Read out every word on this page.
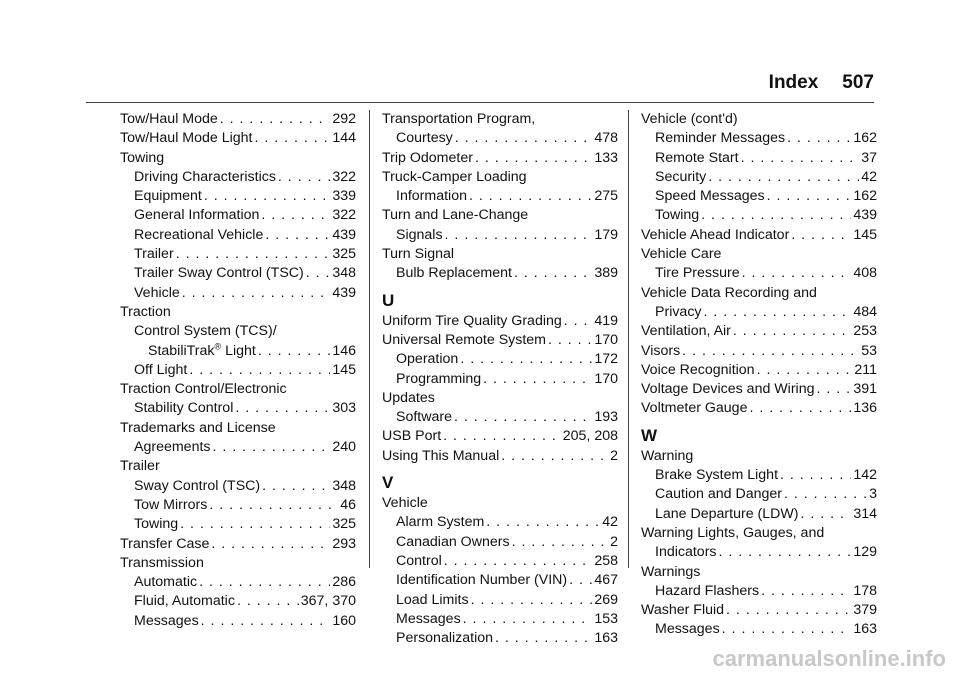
Index 507
Tow/Haul Mode . . .	292
Tow/Haul Mode Light . . .	144
Towing
Driving Characteristics . . .	322
Equipment . . .	339
General Information . . .	322
Recreational Vehicle . . .	439
Trailer . . .	325
Trailer Sway Control (TSC) . . . 348
Vehicle . . .	439
Traction
Control System (TCS)/
StabiliTrak® Light . . .	146
Off Light . . .	145
Traction Control/Electronic
Stability Control . . .	303
Trademarks and License
Agreements . . .	240
Trailer
Sway Control (TSC) . . .	348
Tow Mirrors . . .	46
Towing . . .	325
Transfer Case . . .	293
Transmission
Automatic . . .	286
Fluid, Automatic . . .	367, 370
Messages . . .	160
Transportation Program,
Courtesy . . .	478
Trip Odometer . . .	133
Truck-Camper Loading
Information . . .	275
Turn and Lane-Change
Signals . . .	179
Turn Signal
Bulb Replacement . . .	389
U
Uniform Tire Quality Grading . . . 419
Universal Remote System . . .	170
Operation . . .	172
Programming . . .	170
Updates
Software . . .	193
USB Port . . .	205, 208
Using This Manual . . .	2
V
Vehicle
Alarm System . . .	42
Canadian Owners . . .	2
Control . . .	258
Identification Number (VIN) . . . 467
Load Limits . . .	269
Messages . . .	153
Personalization . . .	163
Vehicle (cont'd)
Reminder Messages . . .	162
Remote Start . . .	37
Security . . .	42
Speed Messages . . .	162
Towing . . .	439
Vehicle Ahead Indicator . . .	145
Vehicle Care
Tire Pressure . . .	408
Vehicle Data Recording and
Privacy . . .	484
Ventilation, Air . . .	253
Visors . . .	53
Voice Recognition . . .	211
Voltage Devices and Wiring . . .	391
Voltmeter Gauge . . .	136
W
Warning
Brake System Light . . .	142
Caution and Danger . . .	3
Lane Departure (LDW) . . .	314
Warning Lights, Gauges, and
Indicators . . .	129
Warnings
Hazard Flashers . . .	178
Washer Fluid . . .	379
Messages . . .	163
carmanualsonline.info
